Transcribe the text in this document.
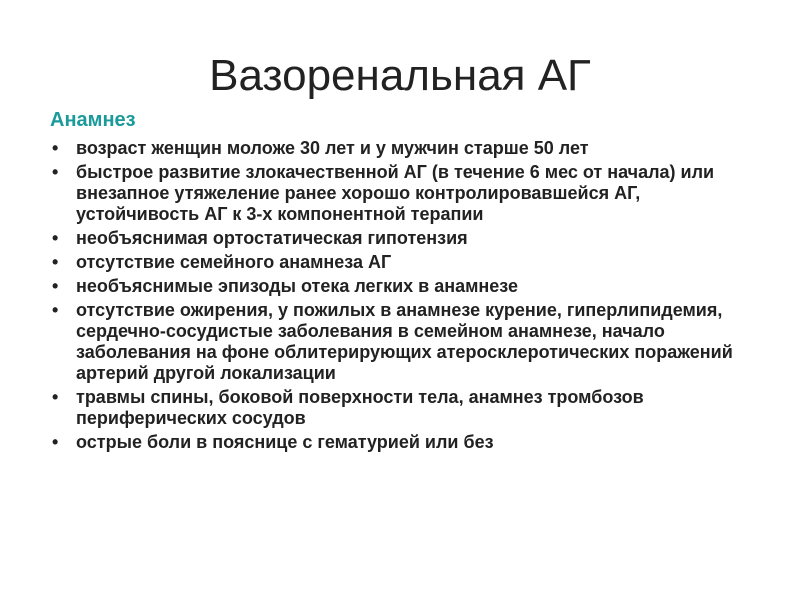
Вазоренальная АГ
Анамнез
• возраст женщин моложе 30 лет и у мужчин старше 50 лет
• быстрое развитие злокачественной АГ (в течение 6 мес от начала) или внезапное утяжеление ранее хорошо контролировавшейся АГ, устойчивость АГ к 3-х компонентной терапии
• необъяснимая ортостатическая гипотензия
• отсутствие семейного анамнеза АГ
• необъяснимые эпизоды отека легких в анамнезе
• отсутствие ожирения, у пожилых в анамнезе курение, гиперлипидемия, сердечно-сосудистые заболевания в семейном анамнезе, начало заболевания на фоне облитерирующих атеросклеротических поражений артерий другой локализации
• травмы спины, боковой поверхности тела, анамнез тромбозов периферических сосудов
• острые боли в пояснице с гематурией или без
